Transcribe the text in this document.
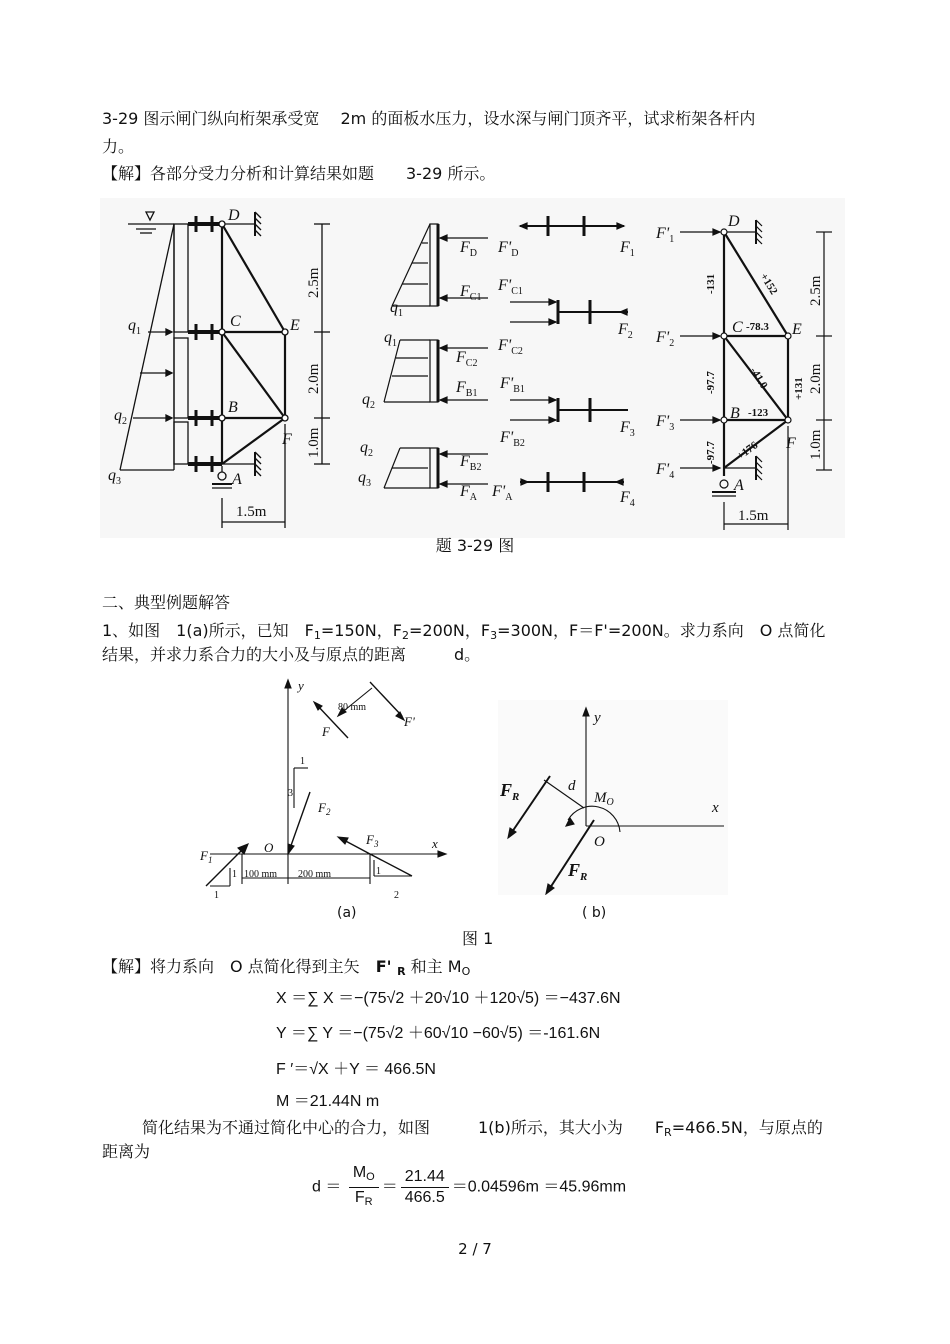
3-29 图示闸门纵向桁架承受宽　 2m 的面板水压力，设水深与闸门顶齐平，试求桁架各杆内
力。
【解】各部分受力分析和计算结果如题　　3-29 所示。
D
C	E
B
F
A
$q_1$
$q_2$
$q_3$
2.5m
2.0m
1.0m
1.5m
$F_D$
$F_{C1}$
$F_{C2}$
$F_{B1}$
$F_{B2}$
$F_A$
$F'_D$
$F'_{C1}$
$F'_{C2}$
$F'_{B1}$
$F'_{B2}$
$F'_A$
$F_1$
$F_2$
$F_3$
$F_4$
$q_1$
$q_1$
$q_2$
$q_2$
$q_3$
D
C	E
B
F
A
$F'_1$
$F'_2$
$F'_3$
$F'_4$
-131	+152
-78.3
-97.7	-41.0 +131
-123
+176
-97.7
2.5m
2.0m
1.0m
1.5m
题 3-29 图
二、典型例题解答
1、如图　1(a)所示，已知　$F_1=150N$，$F_2=200N$，$F_3=300N$，F＝F'=200N。求力系向　O 点简化
结果，并求力系合力的大小及与原点的距离　　　d。
y
x
O
$F_1$
$F_2$
$F_3$
F
F'
80 mm
100 mm 200 mm
1
1
3
1
1
2
y
x
O
d
$M_O$
$F_R$
$F_R$
(a)	( b)
图 1
【解】将力系向　O 点简化得到主矢　F' $_R$ 和主 $M_O$
X ＝∑ X ＝−(75√2 ＋20√10 ＋120√5) ＝−437.6N
Y ＝∑ Y ＝−(75√2 ＋60√10 −60√5) ＝-161.6N
F ′＝√X ＋Y ＝ 466.5N
M ＝21.44N m
简化结果为不通过简化中心的合力，如图　　　1(b)所示，其大小为　　$F_R=466.5N$，与原点的
距离为
$d = \frac{M_O}{F_R} = \frac{21.44}{466.5} =0.04596m =45.96mm$
2 / 7
